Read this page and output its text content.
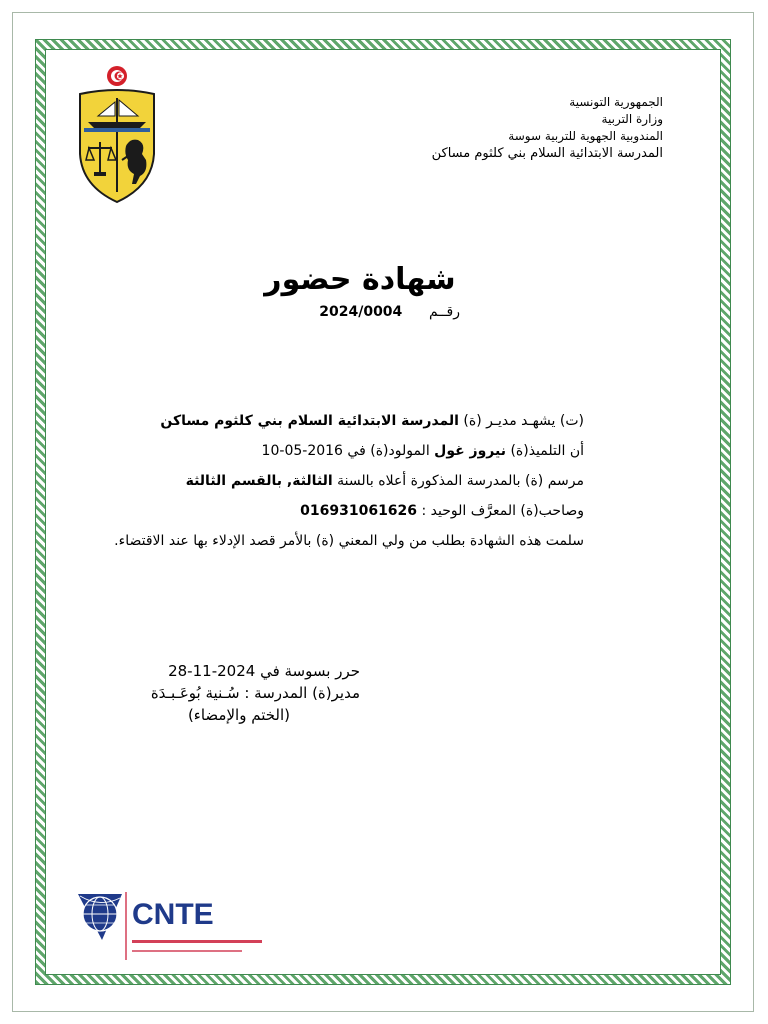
الجمهورية التونسية
وزارة التربية
المندوبية الجهوية للتربية سوسة
المدرسة الابتدائية السلام بني كلثوم مساكن
شهادة حضور
رقــم      2024/0004
(ت) يشهـد مديـر (ة) المدرسة الابتدائية السلام بني كلثوم مساكن
أن التلميذ(ة) نيروز غول المولود(ة) في 2016-05-10
مرسم (ة) بالمدرسة المذكورة أعلاه بالسنة الثالثة, بالقسم الثالثة
وصاحب(ة) المعرَّف الوحيد : 016931061626
سلمت هذه الشهادة بطلب من ولي المعني (ة) بالأمر قصد الإدلاء بها عند الاقتضاء.
حرر بسوسة في 2024-11-28
مدير(ة) المدرسة : سُـنية بُوعَـبـدَة
(الختم والإمضاء)
CNTE
